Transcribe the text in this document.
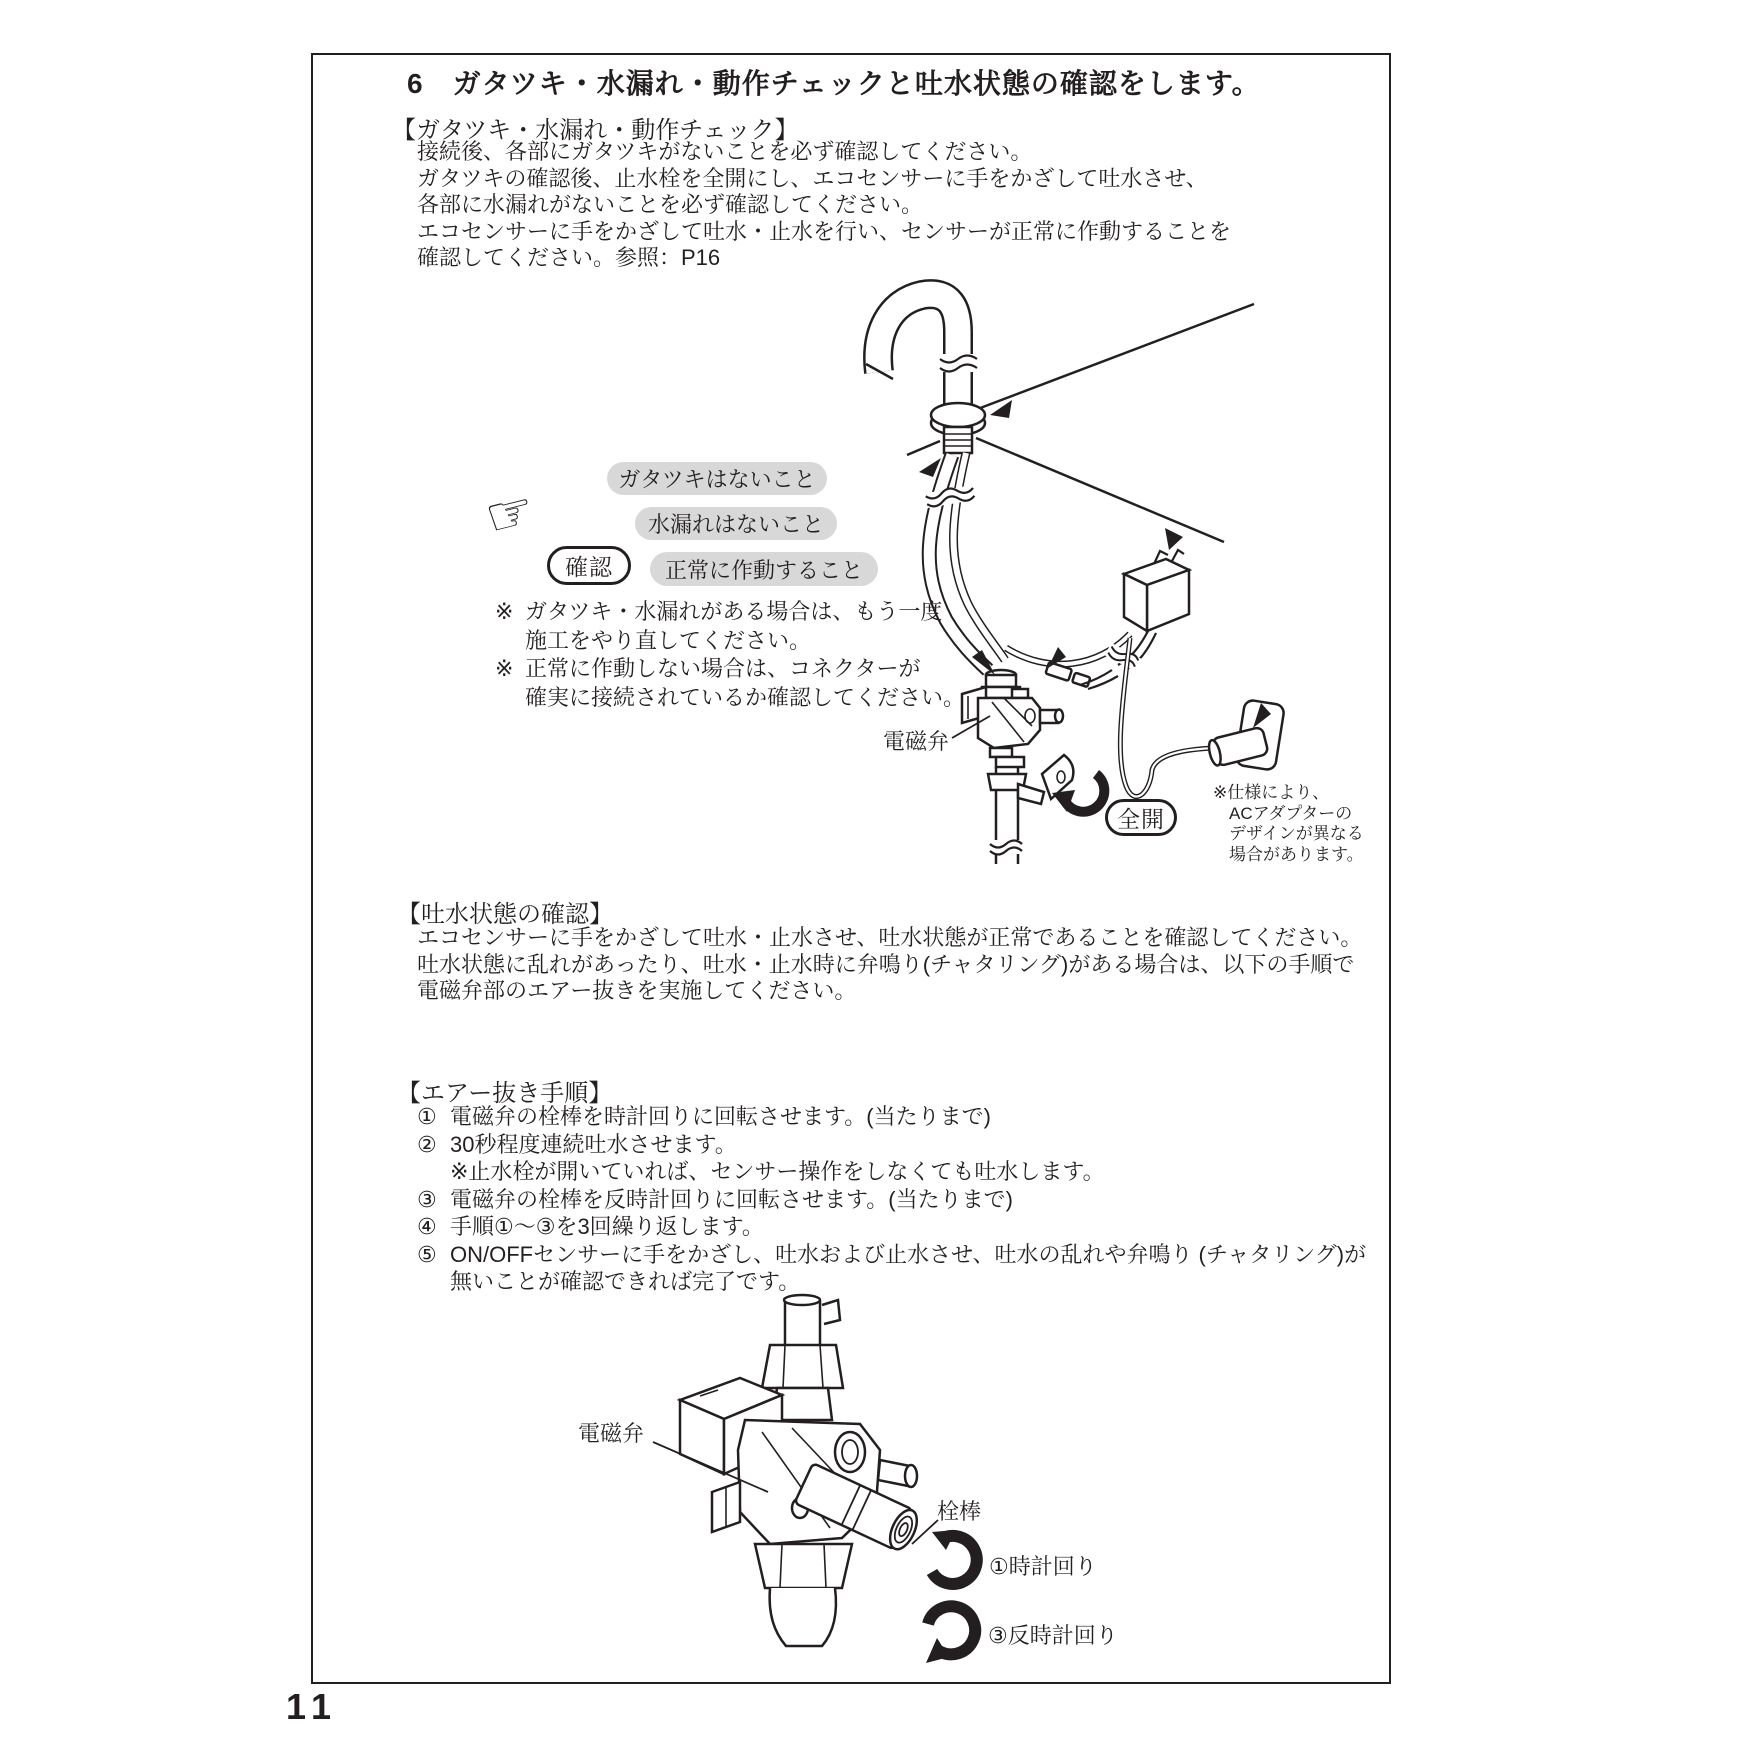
6　ガタツキ・水漏れ・動作チェックと吐水状態の確認をします。
【ガタツキ・水漏れ・動作チェック】
接続後、各部にガタツキがないことを必ず確認してください。
ガタツキの確認後、止水栓を全開にし、エコセンサーに手をかざして吐水させ、
各部に水漏れがないことを必ず確認してください。
エコセンサーに手をかざして吐水・止水を行い、センサーが正常に作動することを
確認してください。参照：P16
ガタツキはないこと
水漏れはないこと
正常に作動すること
確認
☞
※ ガタツキ・水漏れがある場合は、もう一度
施工をやり直してください。
※ 正常に作動しない場合は、コネクターが
確実に接続されているか確認してください。
電磁弁
全開
※仕様により、
ACアダプターの
デザインが異なる
場合があります。
【吐水状態の確認】
エコセンサーに手をかざして吐水・止水させ、吐水状態が正常であることを確認してください。
吐水状態に乱れがあったり、吐水・止水時に弁鳴り(チャタリング)がある場合は、以下の手順で
電磁弁部のエアー抜きを実施してください。
【エアー抜き手順】
① 電磁弁の栓棒を時計回りに回転させます。(当たりまで)
② 30秒程度連続吐水させます。
※止水栓が開いていれば、センサー操作をしなくても吐水します。
③ 電磁弁の栓棒を反時計回りに回転させます。(当たりまで)
④ 手順①～③を3回繰り返します。
⑤ ON/OFFセンサーに手をかざし、吐水および止水させ、吐水の乱れや弁鳴り (チャタリング)が
無いことが確認できれば完了です。
電磁弁
栓棒
①時計回り
③反時計回り
11
